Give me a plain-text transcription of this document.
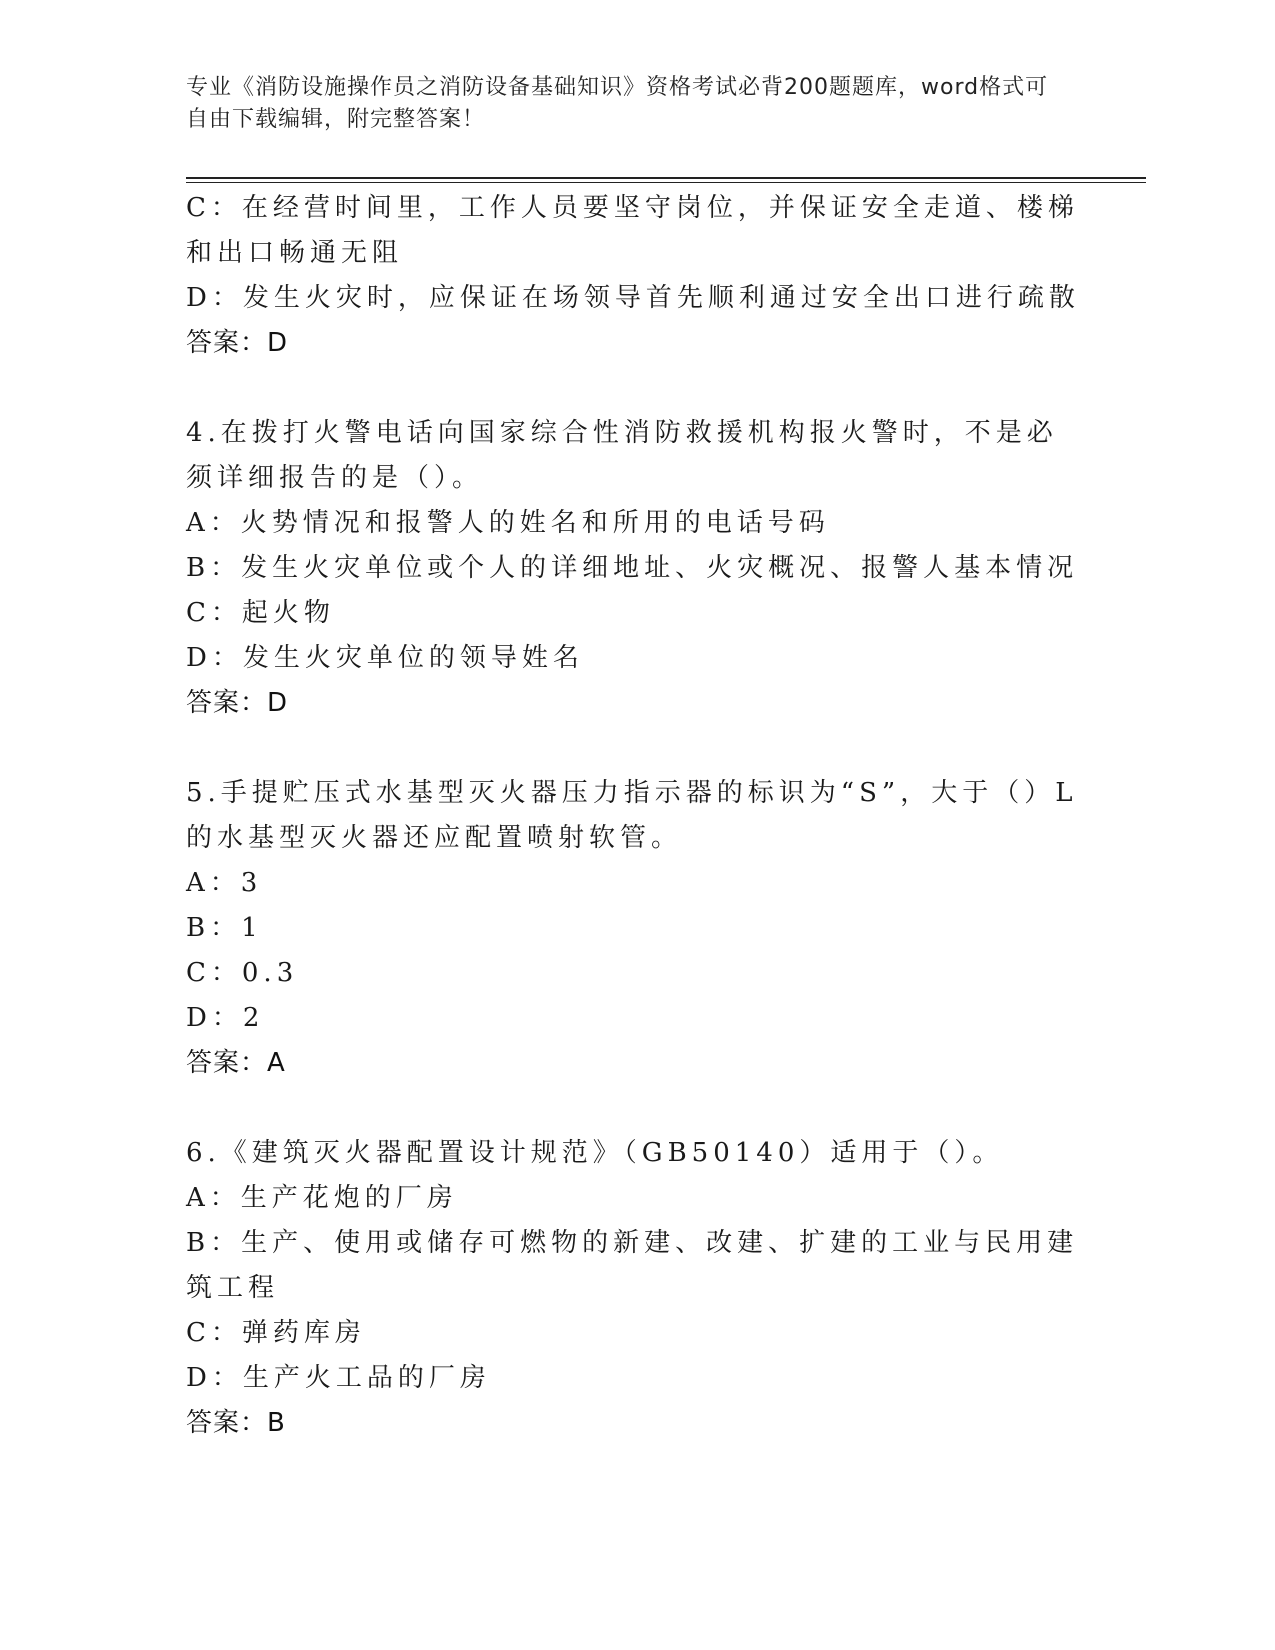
专业《消防设施操作员之消防设备基础知识》资格考试必背200题题库，word格式可自由下载编辑，附完整答案！
C：在经营时间里，工作人员要坚守岗位，并保证安全走道、楼梯和出口畅通无阻
D：发生火灾时，应保证在场领导首先顺利通过安全出口进行疏散
答案：D
4.在拨打火警电话向国家综合性消防救援机构报火警时，不是必须详细报告的是（）。
A：火势情况和报警人的姓名和所用的电话号码
B：发生火灾单位或个人的详细地址、火灾概况、报警人基本情况
C：起火物
D：发生火灾单位的领导姓名
答案：D
5.手提贮压式水基型灭火器压力指示器的标识为“S”，大于（）L的水基型灭火器还应配置喷射软管。
A：3
B：1
C：0.3
D：2
答案：A
6.《建筑灭火器配置设计规范》（GB50140）适用于（）。
A：生产花炮的厂房
B：生产、使用或储存可燃物的新建、改建、扩建的工业与民用建筑工程
C：弹药库房
D：生产火工品的厂房
答案：B
